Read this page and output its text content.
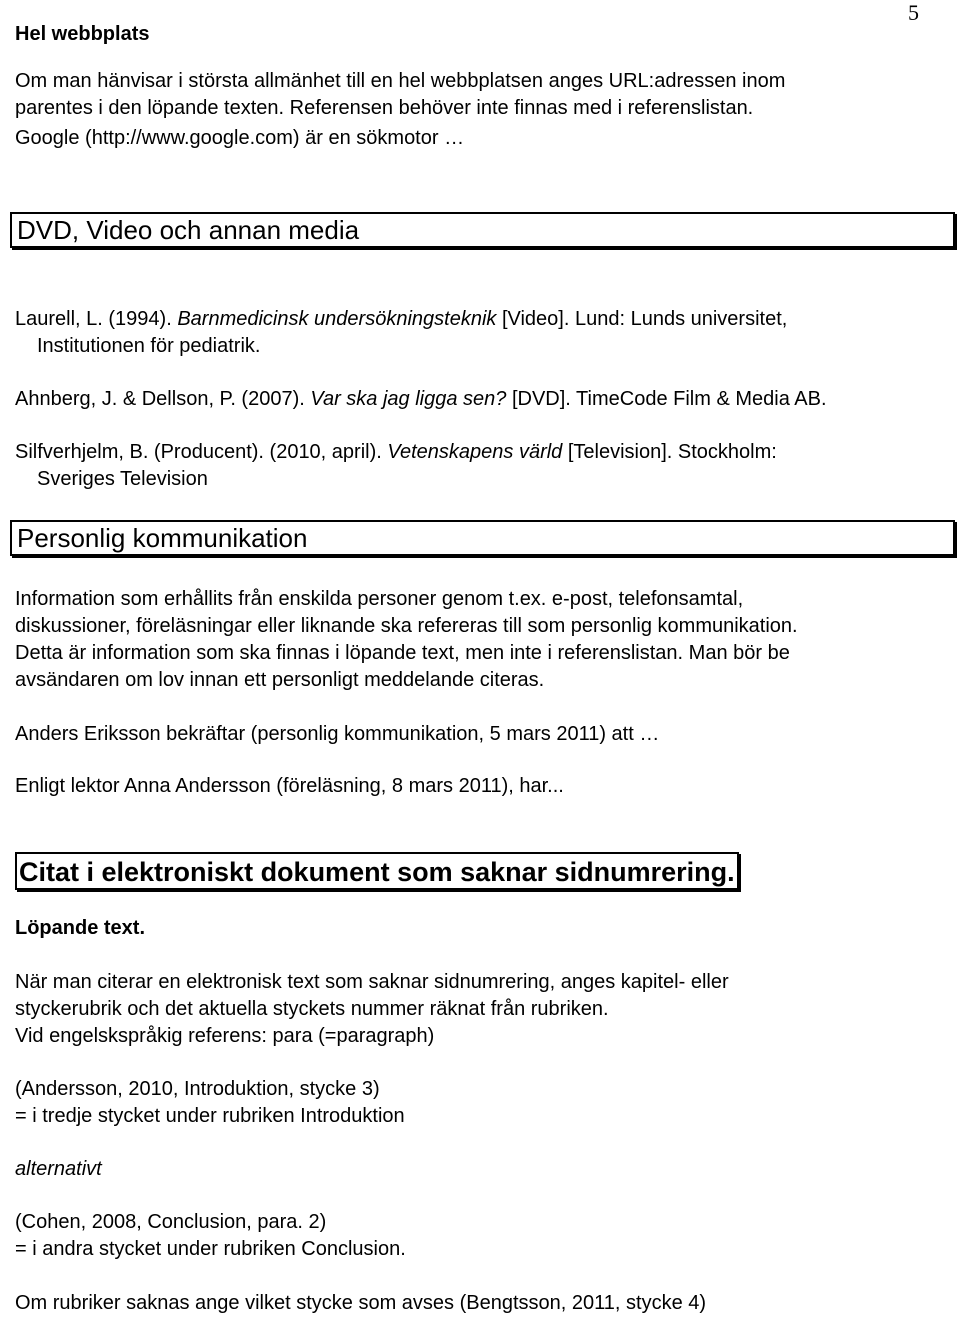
5
Hel webbplats
Om man hänvisar i största allmänhet till en hel webbplatsen anges URL:adressen inom
parentes i den löpande texten. Referensen behöver inte finnas med i referenslistan.
Google (http://www.google.com) är en sökmotor …
DVD, Video och annan media
Laurell, L. (1994). Barnmedicinsk undersökningsteknik [Video]. Lund: Lunds universitet,
Institutionen för pediatrik.
Ahnberg, J. & Dellson, P. (2007). Var ska jag ligga sen? [DVD]. TimeCode Film & Media AB.
Silfverhjelm, B. (Producent). (2010, april). Vetenskapens värld [Television]. Stockholm:
Sveriges Television
Personlig kommunikation
Information som erhållits från enskilda personer genom t.ex. e-post, telefonsamtal,
diskussioner, föreläsningar eller liknande ska refereras till som personlig kommunikation.
Detta är information som ska finnas i löpande text, men inte i referenslistan. Man bör be
avsändaren om lov innan ett personligt meddelande citeras.
Anders Eriksson bekräftar (personlig kommunikation, 5 mars 2011) att …
Enligt lektor Anna Andersson (föreläsning, 8 mars 2011), har...
Citat i elektroniskt dokument som saknar sidnumrering.
Löpande text.
När man citerar en elektronisk text som saknar sidnumrering, anges kapitel- eller
styckerubrik och det aktuella styckets nummer räknat från rubriken.
Vid engelskspråkig referens: para (=paragraph)
(Andersson, 2010, Introduktion, stycke 3)
= i tredje stycket under rubriken Introduktion
alternativt
(Cohen, 2008, Conclusion, para. 2)
= i andra stycket under rubriken Conclusion.
Om rubriker saknas ange vilket stycke som avses (Bengtsson, 2011, stycke 4)
